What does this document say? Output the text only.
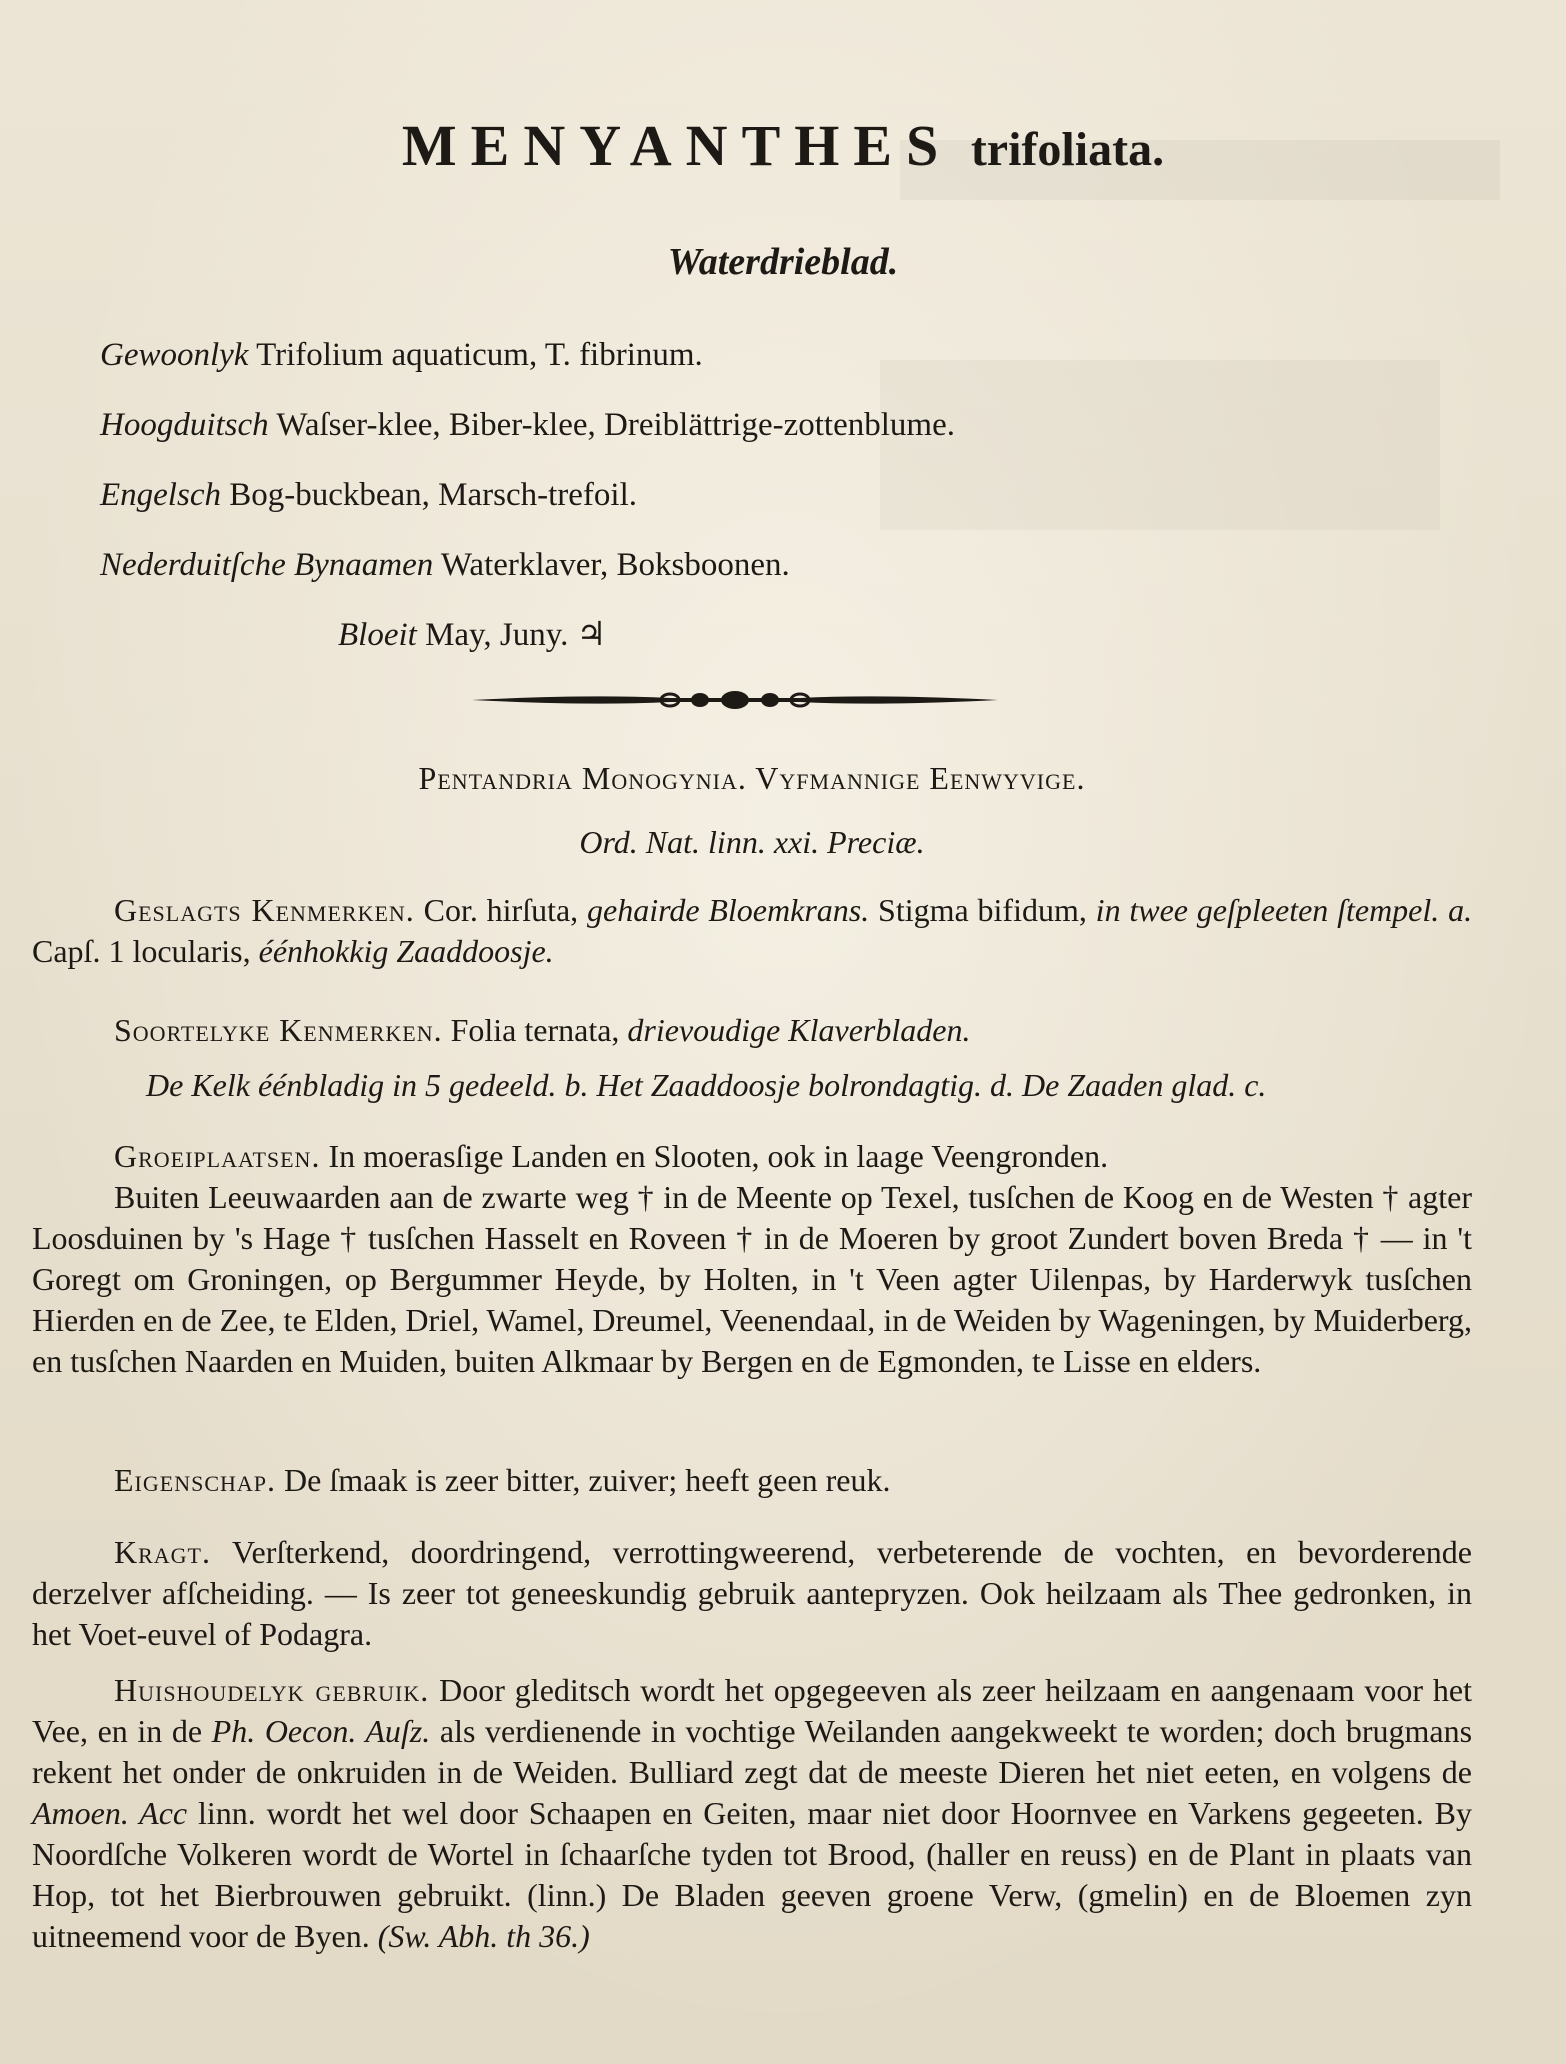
MENYANTHES trifoliata.
Waterdrieblad.
Gewoonlyk Trifolium aquaticum, T. fibrinum.
Hoogduitsch Waſser-klee, Biber-klee, Dreiblättrige-zottenblume.
Engelsch Bog-buckbean, Marsch-trefoil.
Nederduitſche Bynaamen Waterklaver, Boksboonen.
Bloeit May, Juny. ♃
Pentandria Monogynia. Vyfmannige Eenwyvige.
Ord. Nat. linn. xxi. Preciæ.

Geslagts Kenmerken. Cor. hirſuta, gehairde Bloemkrans. Stigma bifidum, in twee geſpleeten ſtempel. a. Capſ. 1 locularis, éénhokkig Zaaddoosje.

Soortelyke Kenmerken. Folia ternata, drievoudige Klaverbladen.

De Kelk éénbladig in 5 gedeeld. b. Het Zaaddoosje bolrondagtig. d. De Zaaden glad. c.

Groeiplaatsen. In moerasſige Landen en Slooten, ook in laage Veengronden.

Buiten Leeuwaarden aan de zwarte weg † in de Meente op Texel, tusſchen de Koog en de Westen † agter Loosduinen by 's Hage † tusſchen Hasselt en Roveen † in de Moeren by groot Zundert boven Breda † — in 't Goregt om Groningen, op Bergummer Heyde, by Holten, in 't Veen agter Uilenpas, by Harderwyk tusſchen Hierden en de Zee, te Elden, Driel, Wamel, Dreumel, Veenendaal, in de Weiden by Wageningen, by Muiderberg, en tusſchen Naarden en Muiden, buiten Alkmaar by Bergen en de Egmonden, te Lisse en elders.

Eigenschap. De ſmaak is zeer bitter, zuiver; heeft geen reuk.

Kragt. Verſterkend, doordringend, verrottingweerend, verbeterende de vochten, en bevorderende derzelver afſcheiding. — Is zeer tot geneeskundig gebruik aantepryzen. Ook heilzaam als Thee gedronken, in het Voet-euvel of Podagra.

Huishoudelyk gebruik. Door gleditsch wordt het opgegeeven als zeer heilzaam en aangenaam voor het Vee, en in de Ph. Oecon. Auſz. als verdienende in vochtige Weilanden aangekweekt te worden; doch brugmans rekent het onder de onkruiden in de Weiden. Bulliard zegt dat de meeste Dieren het niet eeten, en volgens de Amoen. Acc linn. wordt het wel door Schaapen en Geiten, maar niet door Hoornvee en Varkens gegeeten. By Noordſche Volkeren wordt de Wortel in ſchaarſche tyden tot Brood, (haller en reuss) en de Plant in plaats van Hop, tot het Bierbrouwen gebruikt. (linn.) De Bladen geeven groene Verw, (gmelin) en de Bloemen zyn uitneemend voor de Byen. (Sw. Abh. th 36.)
